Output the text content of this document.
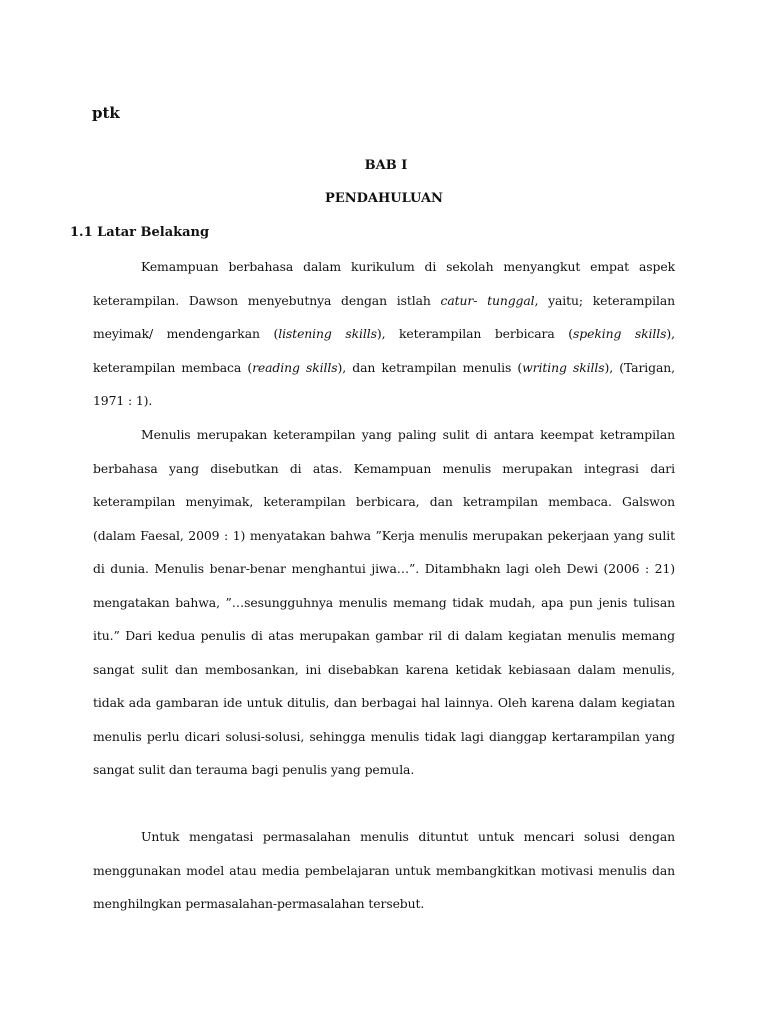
ptk
BAB I
PENDAHULUAN
1.1 Latar Belakang

Kemampuan berbahasa dalam kurikulum di sekolah menyangkut empat aspek keterampilan. Dawson menyebutnya dengan istlah catur- tunggal, yaitu; keterampilan meyimak/ mendengarkan (listening skills), keterampilan berbicara (speking skills), keterampilan membaca (reading skills), dan ketrampilan menulis (writing skills), (Tarigan, 1971 : 1).

Menulis merupakan keterampilan yang paling sulit di antara keempat ketrampilan berbahasa yang disebutkan di atas. Kemampuan menulis merupakan integrasi dari keterampilan menyimak, keterampilan berbicara, dan ketrampilan membaca. Galswon (dalam Faesal, 2009 : 1) menyatakan bahwa ”Kerja menulis merupakan pekerjaan yang sulit di dunia. Menulis benar-benar menghantui jiwa…”. Ditambhakn lagi oleh Dewi (2006 : 21) mengatakan bahwa, ”…sesungguhnya menulis memang tidak mudah, apa pun jenis tulisan itu.” Dari kedua penulis di atas merupakan gambar ril di dalam kegiatan menulis memang sangat sulit dan membosankan, ini disebabkan karena ketidak kebiasaan dalam menulis, tidak ada gambaran ide untuk ditulis, dan berbagai hal lainnya. Oleh karena dalam kegiatan menulis perlu dicari solusi-solusi, sehingga menulis tidak lagi dianggap kertarampilan yang sangat sulit dan terauma bagi penulis yang pemula.

Untuk mengatasi permasalahan menulis dituntut untuk mencari solusi dengan menggunakan model atau media pembelajaran untuk membangkitkan motivasi menulis dan menghilngkan permasalahan-permasalahan tersebut.
